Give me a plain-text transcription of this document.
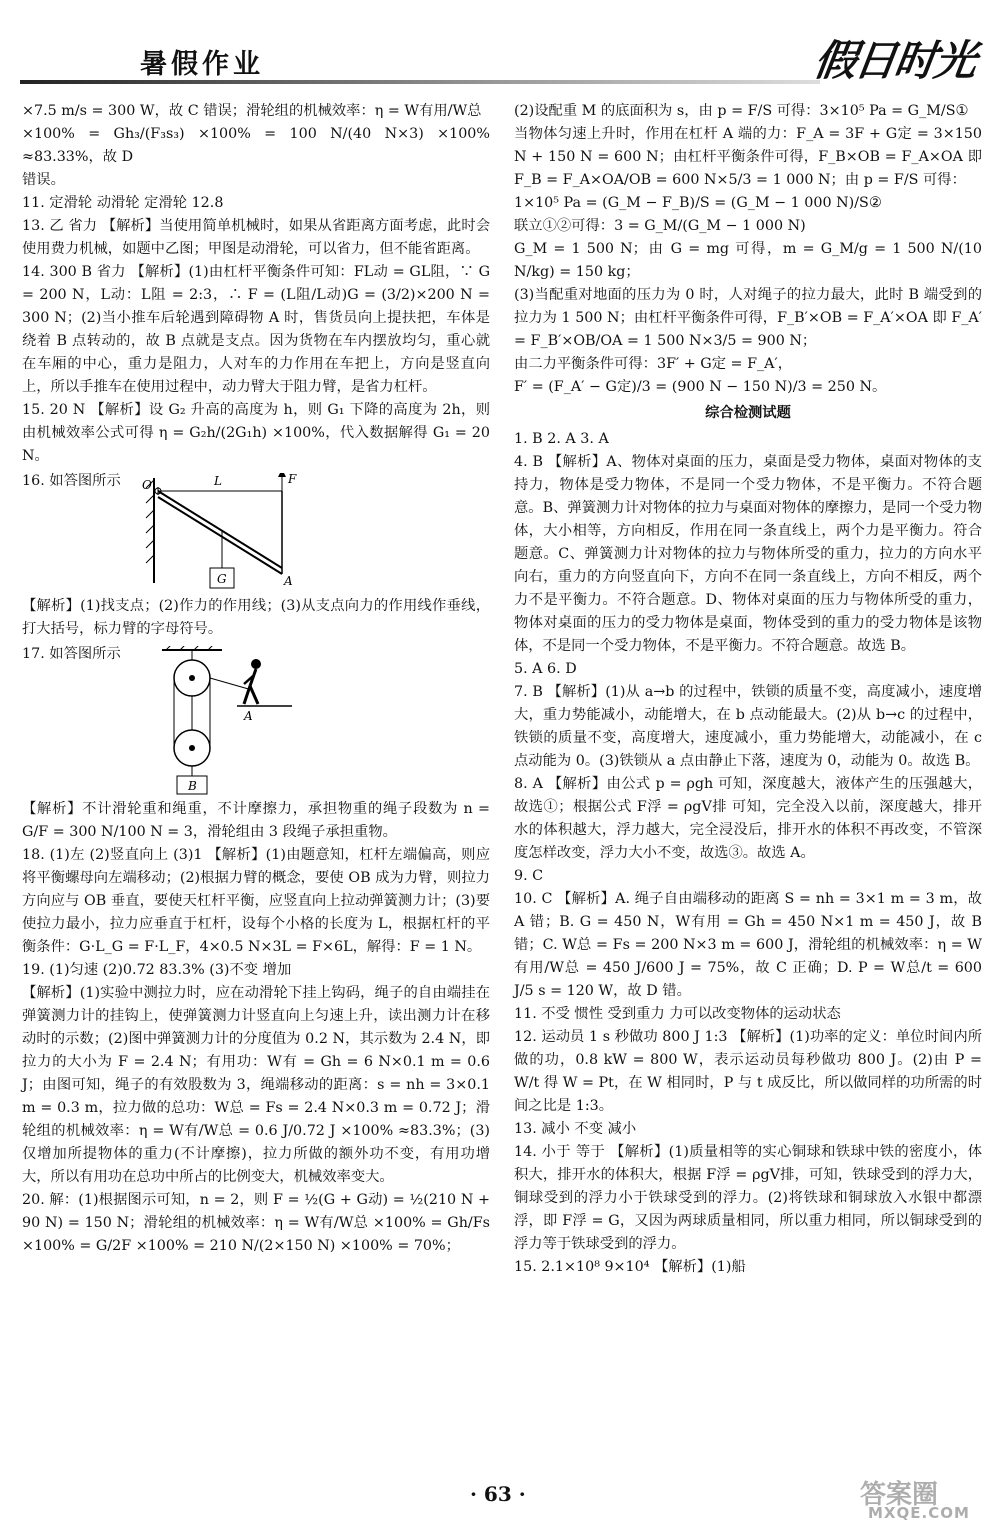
暑假作业	假日时光

×7.5 m/s = 300 W，故 C 错误；滑轮组的机械效率：η = W有用/W总

×100% = Gh₃/(F₃s₃) ×100% = 100 N/(40 N×3) ×100% ≈83.33%，故 D

错误。

11. 定滑轮 动滑轮 定滑轮 12.8

13. 乙 省力 【解析】当使用简单机械时，如果从省距离方面考虑，此时会使用费力机械，如题中乙图；甲图是动滑轮，可以省力，但不能省距离。

14. 300 B 省力 【解析】(1)由杠杆平衡条件可知：FL动 = GL阻，∵ G = 200 N，L动：L阻 = 2:3，∴ F = (L阻/L动)G = (3/2)×200 N = 300 N；(2)当小推车后轮遇到障碍物 A 时，售货员向上提扶把，车体是绕着 B 点转动的，故 B 点就是支点。因为货物在车内摆放均匀，重心就在车厢的中心，重力是阻力，人对车的力作用在车把上，方向是竖直向上，所以手推车在使用过程中，动力臂大于阻力臂，是省力杠杆。

15. 20 N 【解析】设 G₂ 升高的高度为 h，则 G₁ 下降的高度为 2h，则由机械效率公式可得 η = G₂h/(2G₁h) ×100%，代入数据解得 G₁ = 20 N。

16. 如答图所示 O	L	F
A
G

【解析】(1)找支点；(2)作力的作用线；(3)从支点向力的作用线作垂线，打大括号，标力臂的字母符号。

17. 如答图所示
A
B

【解析】不计滑轮重和绳重，不计摩擦力，承担物重的绳子段数为 n = G/F = 300 N/100 N = 3，滑轮组由 3 段绳子承担重物。

18. (1)左 (2)竖直向上 (3)1 【解析】(1)由题意知，杠杆左端偏高，则应将平衡螺母向左端移动；(2)根据力臂的概念，要使 OB 成为力臂，则拉力方向应与 OB 垂直，要使天杠杆平衡，应竖直向上拉动弹簧测力计；(3)要使拉力最小，拉力应垂直于杠杆，设每个小格的长度为 L，根据杠杆的平衡条件：G·L_G = F·L_F，4×0.5 N×3L = F×6L，解得：F = 1 N。

19. (1)匀速 (2)0.72 83.3% (3)不变 增加

【解析】(1)实验中测拉力时，应在动滑轮下挂上钩码，绳子的自由端挂在弹簧测力计的挂钩上，使弹簧测力计竖直向上匀速上升，读出测力计在移动时的示数；(2)图中弹簧测力计的分度值为 0.2 N，其示数为 2.4 N，即拉力的大小为 F = 2.4 N；有用功：W有 = Gh = 6 N×0.1 m = 0.6 J；由图可知，绳子的有效股数为 3，绳端移动的距离：s = nh = 3×0.1 m = 0.3 m，拉力做的总功：W总 = Fs = 2.4 N×0.3 m = 0.72 J；滑轮组的机械效率：η = W有/W总 = 0.6 J/0.72 J ×100% ≈83.3%；(3)仅增加所提物体的重力(不计摩擦)，拉力所做的额外功不变，有用功增大，所以有用功在总功中所占的比例变大，机械效率变大。

20. 解：(1)根据图示可知，n = 2，则 F = ½(G + G动) = ½(210 N + 90 N) = 150 N；滑轮组的机械效率：η = W有/W总 ×100% = Gh/Fs ×100% = G/2F ×100% = 210 N/(2×150 N) ×100% = 70%；

(2)设配重 M 的底面积为 s，由 p = F/S 可得：3×10⁵ Pa = G_M/S①

当物体匀速上升时，作用在杠杆 A 端的力：F_A = 3F + G定 = 3×150 N + 150 N = 600 N；由杠杆平衡条件可得，F_B×OB = F_A×OA 即 F_B = F_A×OA/OB = 600 N×5/3 = 1 000 N；由 p = F/S 可得：

1×10⁵ Pa = (G_M − F_B)/S = (G_M − 1 000 N)/S②

联立①②可得：3 = G_M/(G_M − 1 000 N)

G_M = 1 500 N；由 G = mg 可得，m = G_M/g = 1 500 N/(10 N/kg) = 150 kg；

(3)当配重对地面的压力为 0 时，人对绳子的拉力最大，此时 B 端受到的拉力为 1 500 N；由杠杆平衡条件可得，F_B′×OB = F_A′×OA 即 F_A′ = F_B′×OB/OA = 1 500 N×3/5 = 900 N；

由二力平衡条件可得：3F′ + G定 = F_A′，

F′ = (F_A′ − G定)/3 = (900 N − 150 N)/3 = 250 N。

综合检测试题

1. B 2. A 3. A

4. B 【解析】A、物体对桌面的压力，桌面是受力物体，桌面对物体的支持力，物体是受力物体，不是同一个受力物体，不是平衡力。不符合题意。B、弹簧测力计对物体的拉力与桌面对物体的摩擦力，是同一个受力物体，大小相等，方向相反，作用在同一条直线上，两个力是平衡力。符合题意。C、弹簧测力计对物体的拉力与物体所受的重力，拉力的方向水平向右，重力的方向竖直向下，方向不在同一条直线上，方向不相反，两个力不是平衡力。不符合题意。D、物体对桌面的压力与物体所受的重力，物体对桌面的压力的受力物体是桌面，物体受到的重力的受力物体是该物体，不是同一个受力物体，不是平衡力。不符合题意。故选 B。

5. A 6. D

7. B 【解析】(1)从 a→b 的过程中，铁锁的质量不变，高度减小，速度增大，重力势能减小，动能增大，在 b 点动能最大。(2)从 b→c 的过程中，铁锁的质量不变，高度增大，速度减小，重力势能增大，动能减小，在 c 点动能为 0。(3)铁锁从 a 点由静止下落，速度为 0，动能为 0。故选 B。

8. A 【解析】由公式 p = ρgh 可知，深度越大，液体产生的压强越大，故选①；根据公式 F浮 = ρgV排 可知，完全没入以前，深度越大，排开水的体积越大，浮力越大，完全浸没后，排开水的体积不再改变，不管深度怎样改变，浮力大小不变，故选③。故选 A。

9. C

10. C 【解析】A. 绳子自由端移动的距离 S = nh = 3×1 m = 3 m，故 A 错；B. G = 450 N，W有用 = Gh = 450 N×1 m = 450 J，故 B 错；C. W总 = Fs = 200 N×3 m = 600 J，滑轮组的机械效率：η = W有用/W总 = 450 J/600 J = 75%，故 C 正确；D. P = W总/t = 600 J/5 s = 120 W，故 D 错。

11. 不受 惯性 受到重力 力可以改变物体的运动状态

12. 运动员 1 s 秒做功 800 J 1:3 【解析】(1)功率的定义：单位时间内所做的功，0.8 kW = 800 W，表示运动员每秒做功 800 J。(2)由 P = W/t 得 W = Pt，在 W 相同时，P 与 t 成反比，所以做同样的功所需的时间之比是 1:3。

13. 减小 不变 减小

14. 小于 等于 【解析】(1)质量相等的实心铜球和铁球中铁的密度小，体积大，排开水的体积大，根据 F浮 = ρgV排，可知，铁球受到的浮力大，铜球受到的浮力小于铁球受到的浮力。(2)将铁球和铜球放入水银中都漂浮，即 F浮 = G，又因为两球质量相同，所以重力相同，所以铜球受到的浮力等于铁球受到的浮力。

15. 2.1×10⁸ 9×10⁴ 【解析】(1)船

· 63 ·	答案圈
MXQE.COM
